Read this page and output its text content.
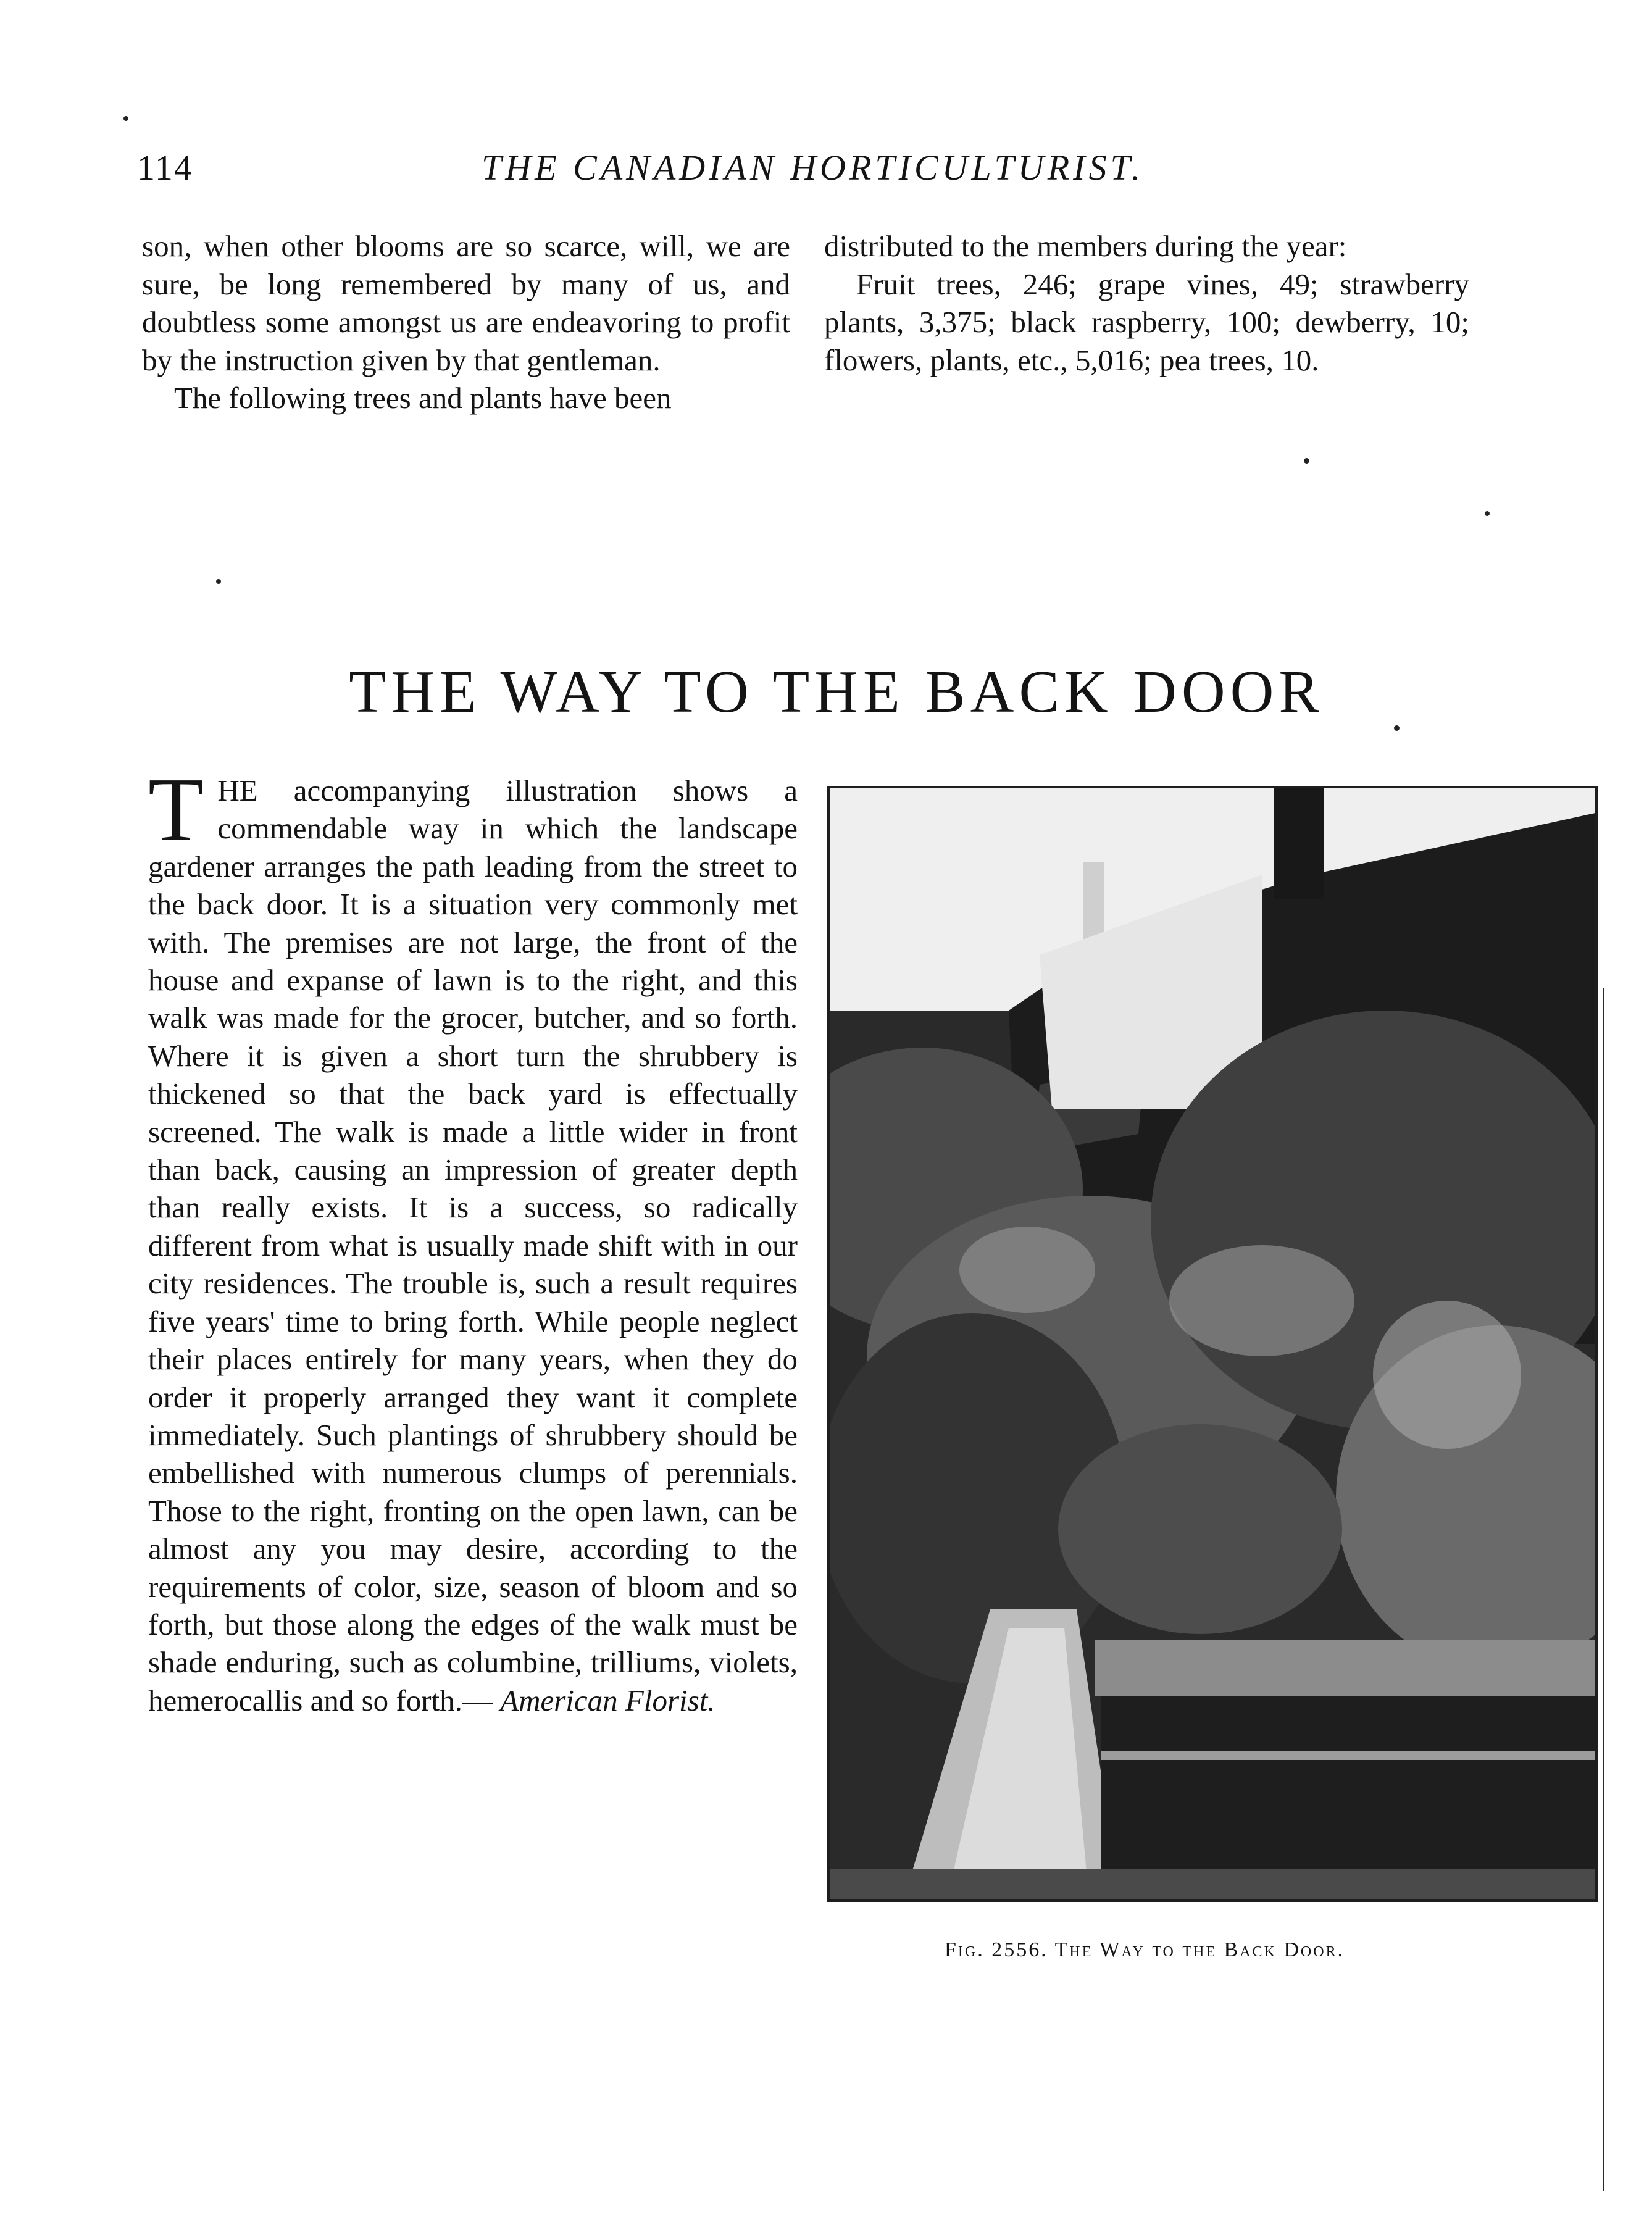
114	THE CANADIAN HORTICULTURIST.

son, when other blooms are so scarce, will, we are sure, be long remembered by many of us, and doubtless some amongst us are endeavoring to profit by the instruction given by that gentleman.

The following trees and plants have been

distributed to the members during the year:

Fruit trees, 246; grape vines, 49; strawberry plants, 3,375; black raspberry, 100; dewberry, 10; flowers, plants, etc., 5,016; pea trees, 10.

THE WAY TO THE BACK DOOR

THE accompanying illustration shows a commendable way in which the landscape gardener arranges the path leading from the street to the back door. It is a situation very commonly met with. The premises are not large, the front of the house and expanse of lawn is to the right, and this walk was made for the grocer, butcher, and so forth. Where it is given a short turn the shrubbery is thickened so that the back yard is effectually screened. The walk is made a little wider in front than back, causing an impression of greater depth than really exists. It is a success, so radically different from what is usually made shift with in our city residences. The trouble is, such a result requires five years' time to bring forth. While people neglect their places entirely for many years, when they do order it properly arranged they want it complete immediately. Such plantings of shrubbery should be embellished with numerous clumps of perennials. Those to the right, fronting on the open lawn, can be almost any you may desire, according to the requirements of color, size, season of bloom and so forth, but those along the edges of the walk must be shade enduring, such as columbine, trilliums, violets, hemerocallis and so forth.— American Florist.

Fig. 2556. The Way to the Back Door.
